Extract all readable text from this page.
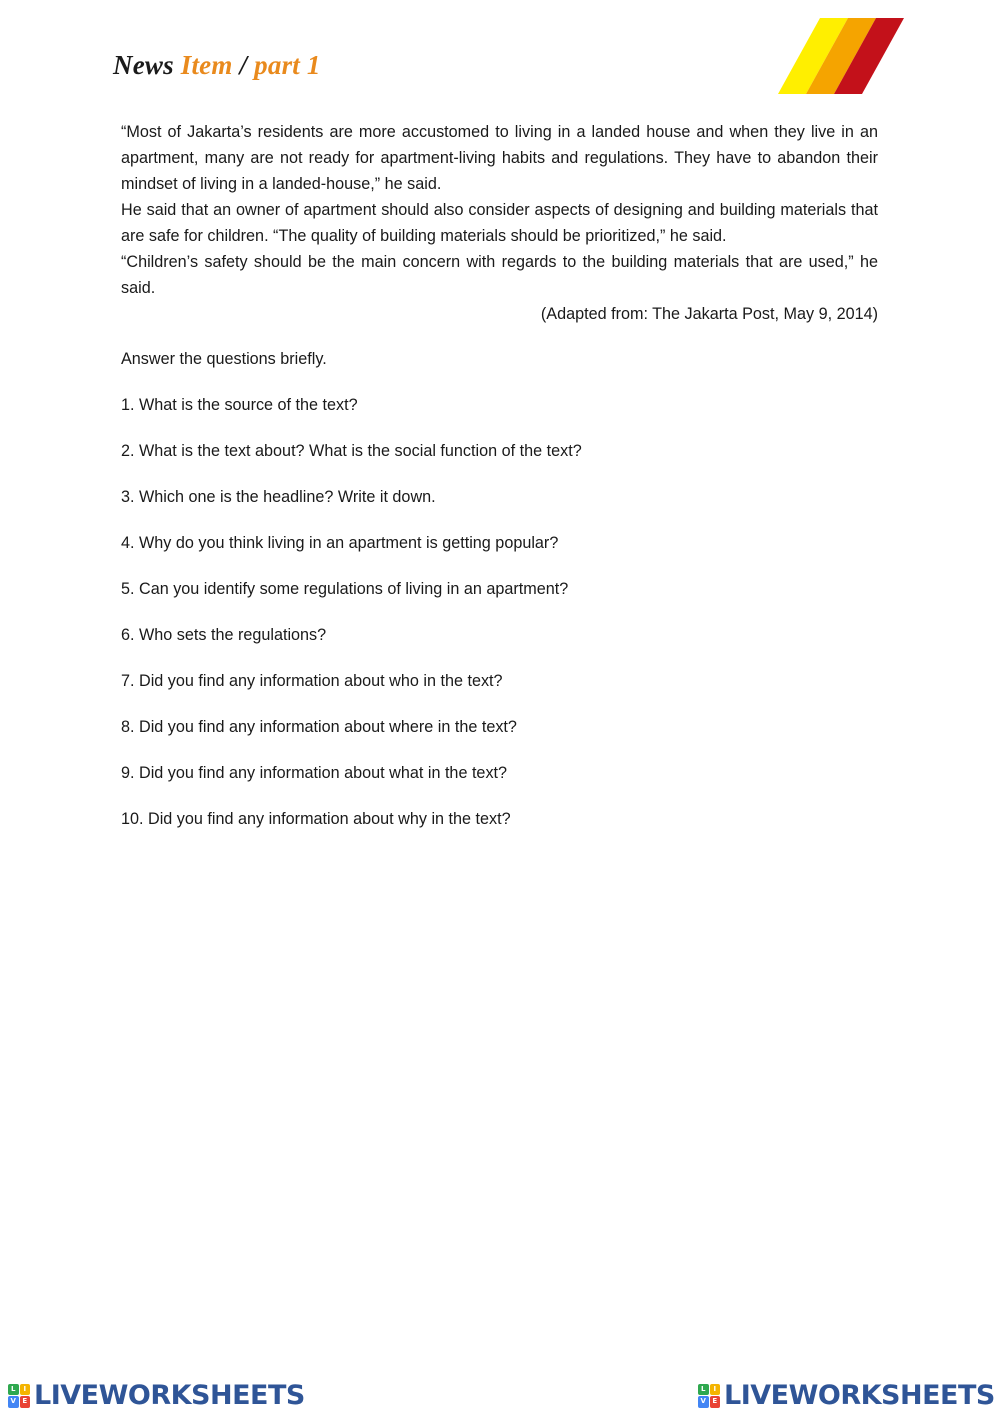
News Item / part 1

“Most of Jakarta’s residents are more accustomed to living in a landed house and when they live in an apartment, many are not ready for apartment-living habits and regulations. They have to abandon their mindset of living in a landed-house,” he said.

He said that an owner of apartment should also consider aspects of designing and building materials that are safe for children. “The quality of building materials should be prioritized,” he said.

“Children’s safety should be the main concern with regards to the building materials that are used,” he said.

(Adapted from: The Jakarta Post, May 9, 2014)

Answer the questions briefly.
1. What is the source of the text?
2. What is the text about? What is the social function of the text?
3. Which one is the headline? Write it down.
4. Why do you think living in an apartment is getting popular?
5. Can you identify some regulations of living in an apartment?
6. Who sets the regulations?
7. Did you find any information about who in the text?
8. Did you find any information about where in the text?
9. Did you find any information about what in the text?
10. Did you find any information about why in the text?
L	I
V E LIVEWORKSHEETS	L	I
V E LIVEWORKSHEETS
